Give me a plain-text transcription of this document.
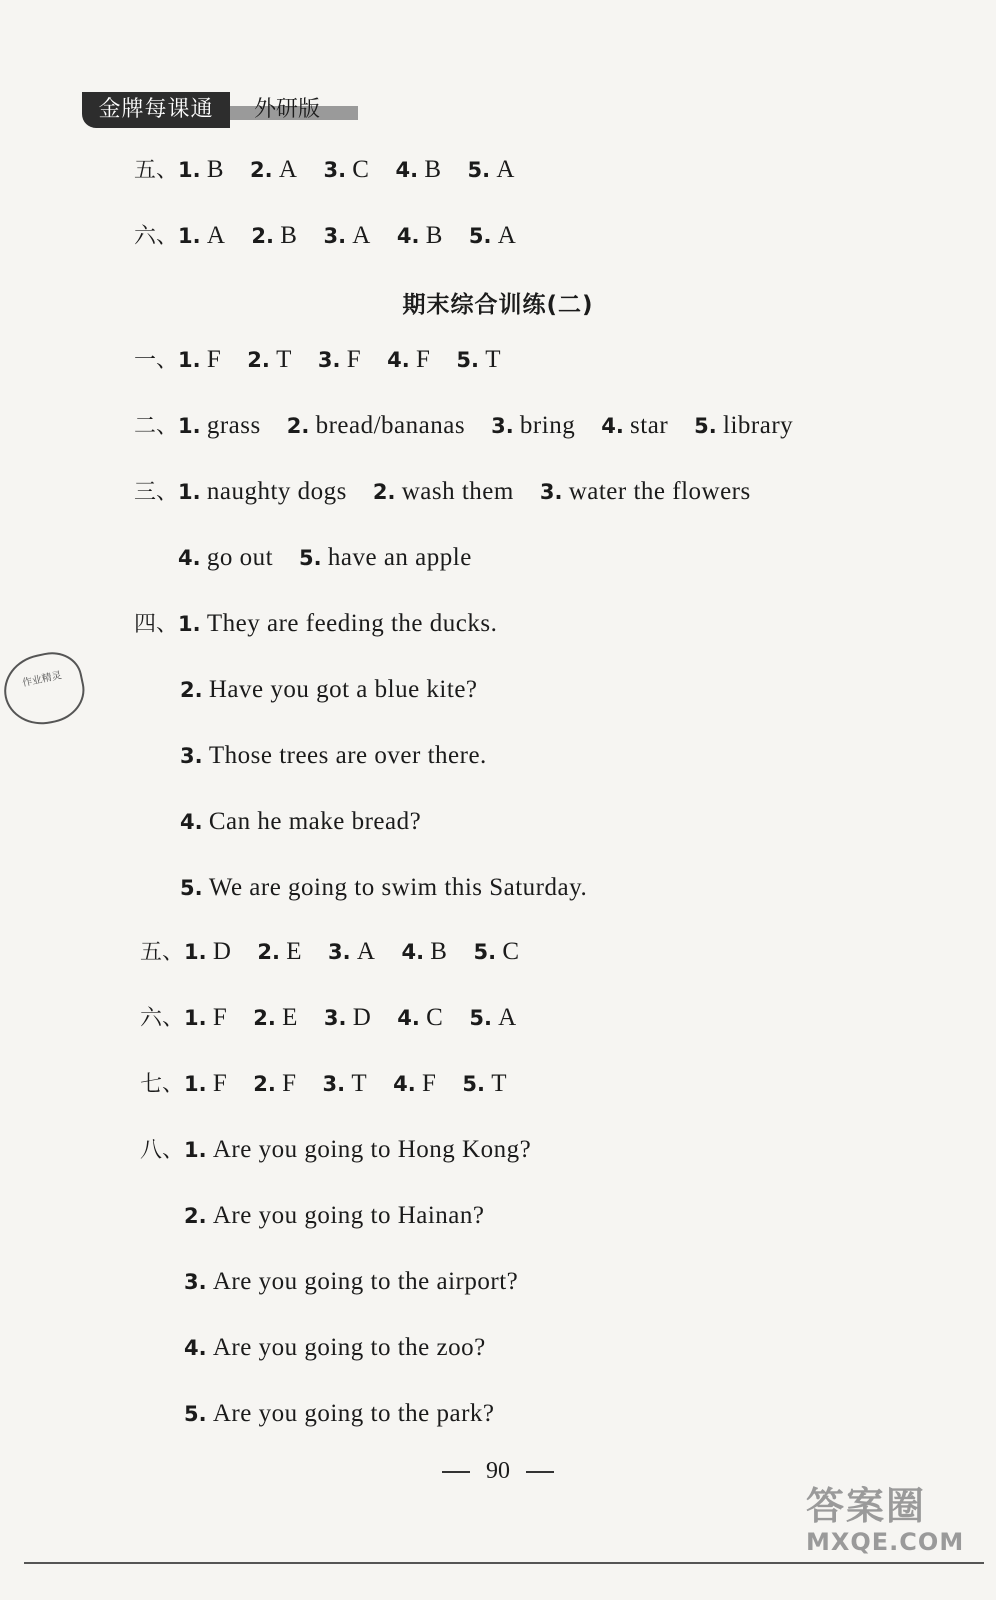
金牌每课通	外研版
五、1. B 2. A 3. C 4. B 5. A
六、1. A 2. B 3. A 4. B 5. A
期末综合训练(二)
一、1. F 2. T 3. F 4. F 5. T
二、1. grass 2. bread/bananas 3. bring 4. star 5. library
三、1. naughty dogs 2. wash them 3. water the flowers
4. go out 5. have an apple
四、1. They are feeding the ducks.
2. Have you got a blue kite?
3. Those trees are over there.
4. Can he make bread?
5. We are going to swim this Saturday.
五、1. D 2. E 3. A 4. B 5. C
六、1. F 2. E 3. D 4. C 5. A
七、1. F 2. F 3. T 4. F 5. T
八、1. Are you going to Hong Kong?
2. Are you going to Hainan?
3. Are you going to the airport?
4. Are you going to the zoo?
5. Are you going to the park?
作业精灵
90
答案圈
MXQE.COM
